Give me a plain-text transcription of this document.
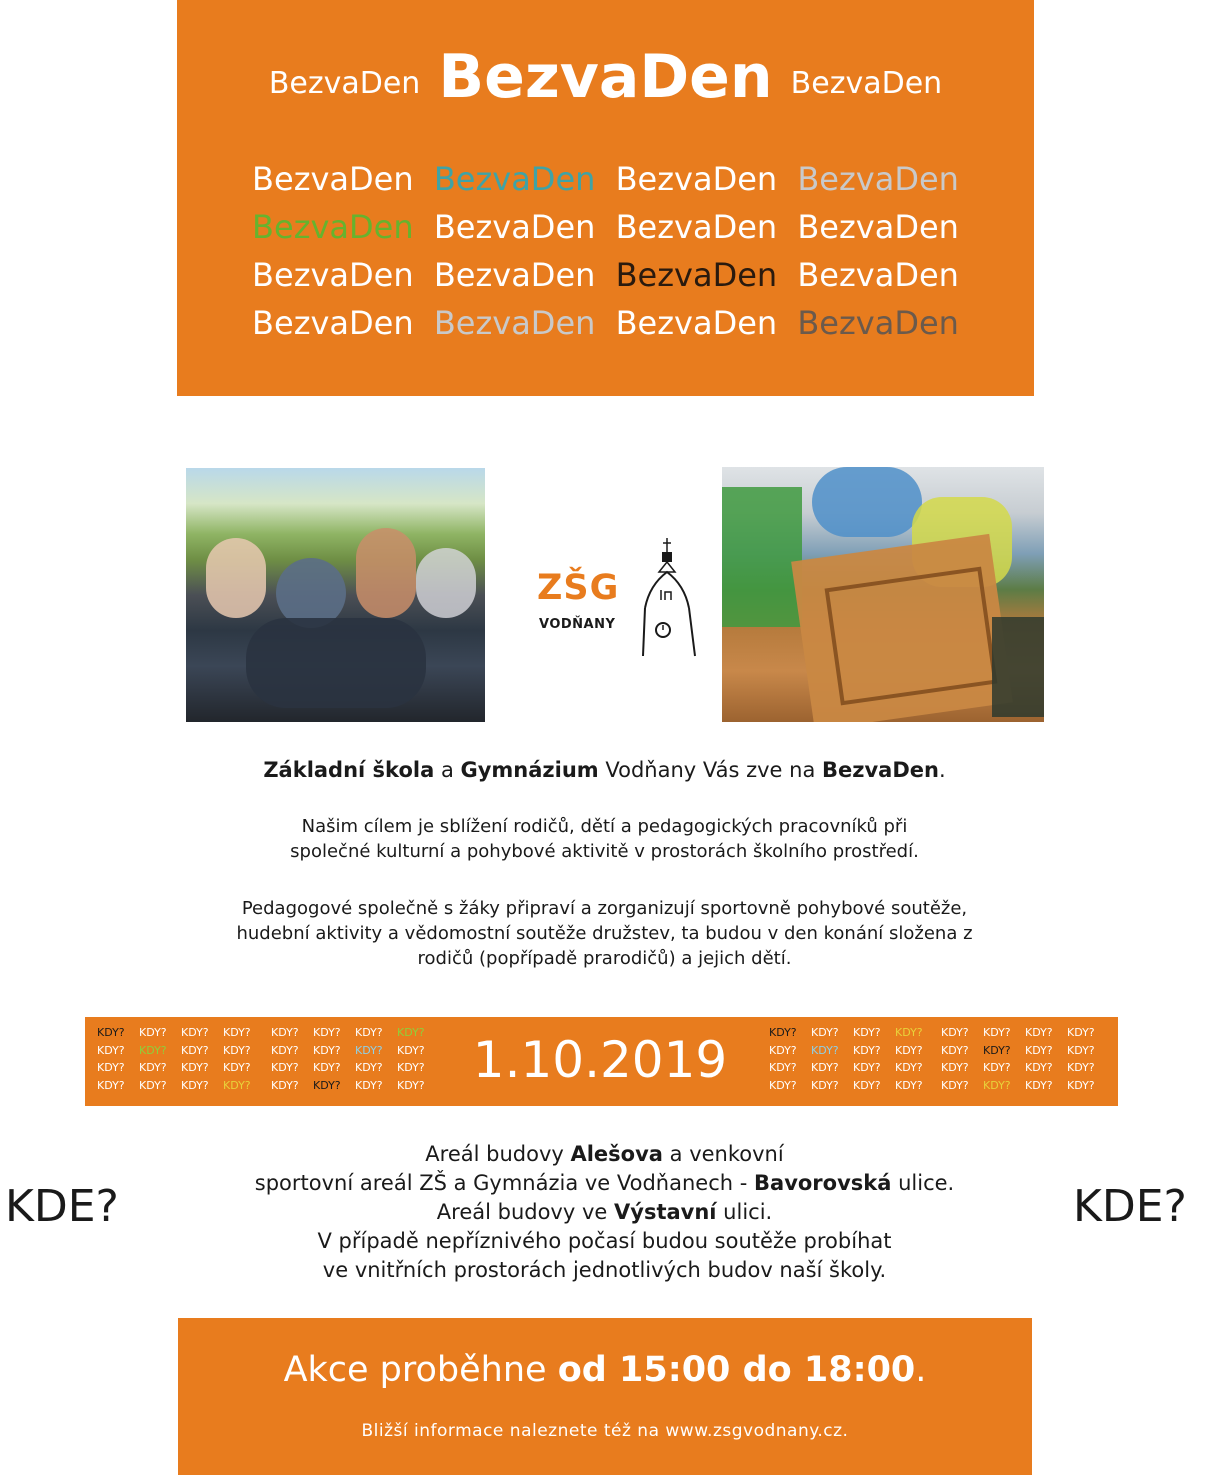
BezvaDen BezvaDen BezvaDen
BezvaDen BezvaDen BezvaDen BezvaDen
BezvaDen BezvaDen BezvaDen BezvaDen
BezvaDen BezvaDen BezvaDen BezvaDen
BezvaDen BezvaDen BezvaDen BezvaDen
ZŠG
VODŇANY
Základní škola a Gymnázium Vodňany Vás zve na BezvaDen.
Našim cílem je sblížení rodičů, dětí a pedagogických pracovníků při
společné kulturní a pohybové aktivitě v prostorách školního prostředí.
Pedagogové společně s žáky připraví a zorganizují sportovně pohybové soutěže,
hudební aktivity a vědomostní soutěže družstev, ta budou v den konání složena z
rodičů (popřípadě prarodičů) a jejich dětí.
KDY? KDY? KDY? KDY?
KDY? KDY? KDY? KDY?
KDY? KDY? KDY? KDY?
KDY? KDY? KDY? KDY?
KDY? KDY? KDY? KDY?
KDY? KDY? KDY? KDY?
KDY? KDY? KDY? KDY?
KDY? KDY? KDY? KDY? 1.10.2019	KDY? KDY? KDY? KDY?
KDY? KDY? KDY? KDY?
KDY? KDY? KDY? KDY?
KDY? KDY? KDY? KDY?
KDY? KDY? KDY? KDY?
KDY? KDY? KDY? KDY?
KDY? KDY? KDY? KDY?
KDY? KDY? KDY? KDY?
KDE?	KDE?
Areál budovy Alešova a venkovní
sportovní areál ZŠ a Gymnázia ve Vodňanech - Bavorovská ulice.
Areál budovy ve Výstavní ulici.
V případě nepříznivého počasí budou soutěže probíhat
ve vnitřních prostorách jednotlivých budov naší školy.
Akce proběhne od 15:00 do 18:00.
Bližší informace naleznete též na www.zsgvodnany.cz.
